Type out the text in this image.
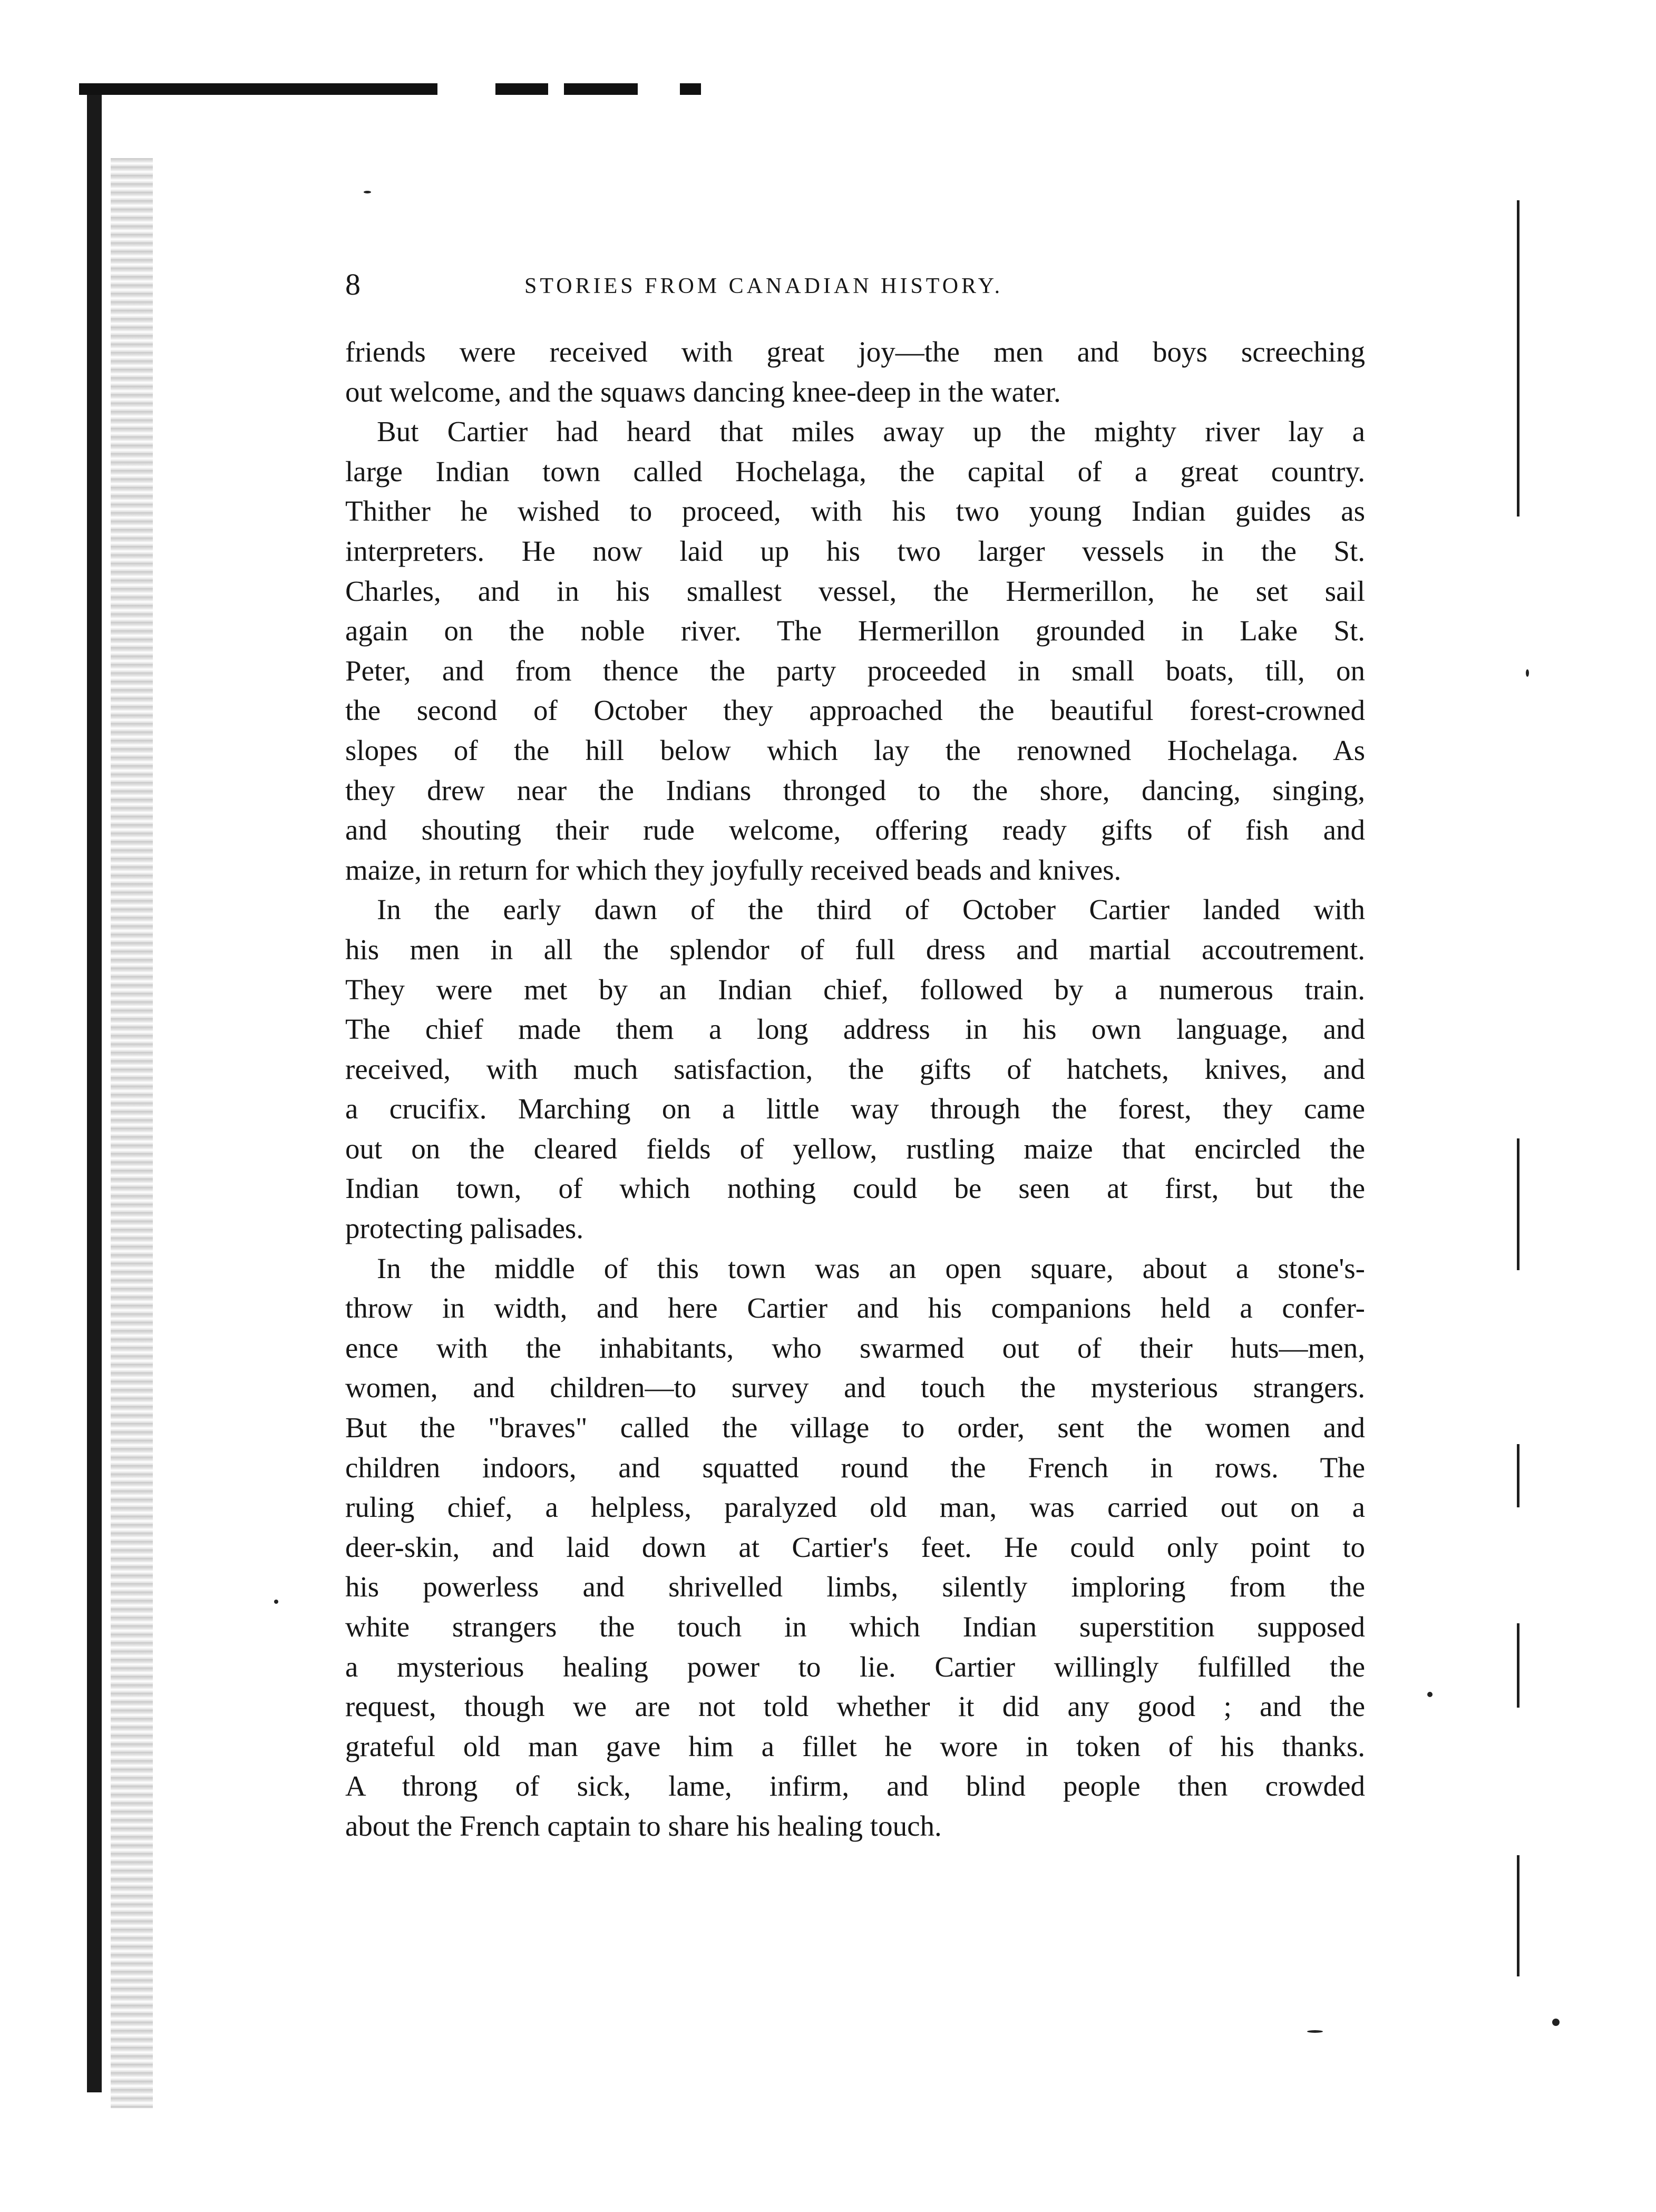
8	STORIES FROM CANADIAN HISTORY.
friends were received with great joy—the men and boys screeching
out welcome, and the squaws dancing knee-deep in the water.
But Cartier had heard that miles away up the mighty river lay a
large Indian town called Hochelaga, the capital of a great country.
Thither he wished to proceed, with his two young Indian guides as
interpreters. He now laid up his two larger vessels in the St.
Charles, and in his smallest vessel, the Hermerillon, he set sail
again on the noble river. The Hermerillon grounded in Lake St.
Peter, and from thence the party proceeded in small boats, till, on
the second of October they approached the beautiful forest-crowned
slopes of the hill below which lay the renowned Hochelaga. As
they drew near the Indians thronged to the shore, dancing, singing,
and shouting their rude welcome, offering ready gifts of fish and
maize, in return for which they joyfully received beads and knives.
In the early dawn of the third of October Cartier landed with
his men in all the splendor of full dress and martial accoutrement.
They were met by an Indian chief, followed by a numerous train.
The chief made them a long address in his own language, and
received, with much satisfaction, the gifts of hatchets, knives, and
a crucifix. Marching on a little way through the forest, they came
out on the cleared fields of yellow, rustling maize that encircled the
Indian town, of which nothing could be seen at first, but the
protecting palisades.
In the middle of this town was an open square, about a stone's-
throw in width, and here Cartier and his companions held a confer-
ence with the inhabitants, who swarmed out of their huts—men,
women, and children—to survey and touch the mysterious strangers.
But the "braves" called the village to order, sent the women and
children indoors, and squatted round the French in rows. The
ruling chief, a helpless, paralyzed old man, was carried out on a
deer-skin, and laid down at Cartier's feet. He could only point to
his powerless and shrivelled limbs, silently imploring from the
white strangers the touch in which Indian superstition supposed
a mysterious healing power to lie. Cartier willingly fulfilled the
request, though we are not told whether it did any good ; and the
grateful old man gave him a fillet he wore in token of his thanks.
A throng of sick, lame, infirm, and blind people then crowded
about the French captain to share his healing touch.
